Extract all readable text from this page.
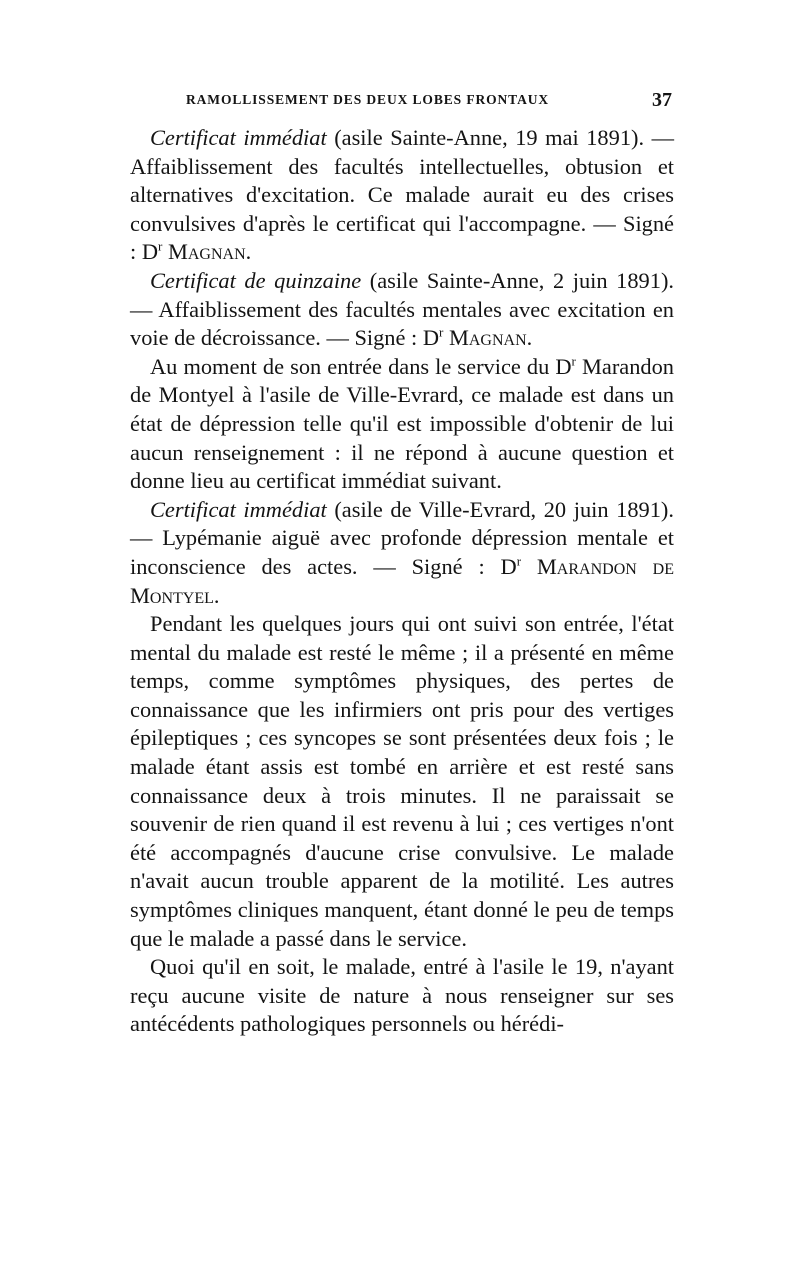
RAMOLLISSEMENT DES DEUX LOBES FRONTAUX	37

Certificat immédiat (asile Sainte-Anne, 19 mai 1891). — Affaiblissement des facultés intellectuelles, obtusion et alternatives d'excitation. Ce malade aurait eu des crises convulsives d'après le certificat qui l'accompagne. — Signé : $D^r$ Magnan.

Certificat de quinzaine (asile Sainte-Anne, 2 juin 1891). — Affaiblissement des facultés mentales avec excitation en voie de décroissance. — Signé : $D^r$ Magnan.

Au moment de son entrée dans le service du $D^r$ Marandon de Montyel à l'asile de Ville-Evrard, ce malade est dans un état de dépression telle qu'il est impossible d'obtenir de lui aucun renseignement : il ne répond à aucune question et donne lieu au certificat immédiat suivant.

Certificat immédiat (asile de Ville-Evrard, 20 juin 1891). — Lypémanie aiguë avec profonde dépression mentale et inconscience des actes. — Signé : $D^r$ Marandon de Montyel.

Pendant les quelques jours qui ont suivi son entrée, l'état mental du malade est resté le même ; il a présenté en même temps, comme symptômes physiques, des pertes de connaissance que les infirmiers ont pris pour des vertiges épileptiques ; ces syncopes se sont présentées deux fois ; le malade étant assis est tombé en arrière et est resté sans connaissance deux à trois minutes. Il ne paraissait se souvenir de rien quand il est revenu à lui ; ces vertiges n'ont été accompagnés d'aucune crise convulsive. Le malade n'avait aucun trouble apparent de la motilité. Les autres symptômes cliniques manquent, étant donné le peu de temps que le malade a passé dans le service.

Quoi qu'il en soit, le malade, entré à l'asile le 19, n'ayant reçu aucune visite de nature à nous renseigner sur ses antécédents pathologiques personnels ou hérédi-
